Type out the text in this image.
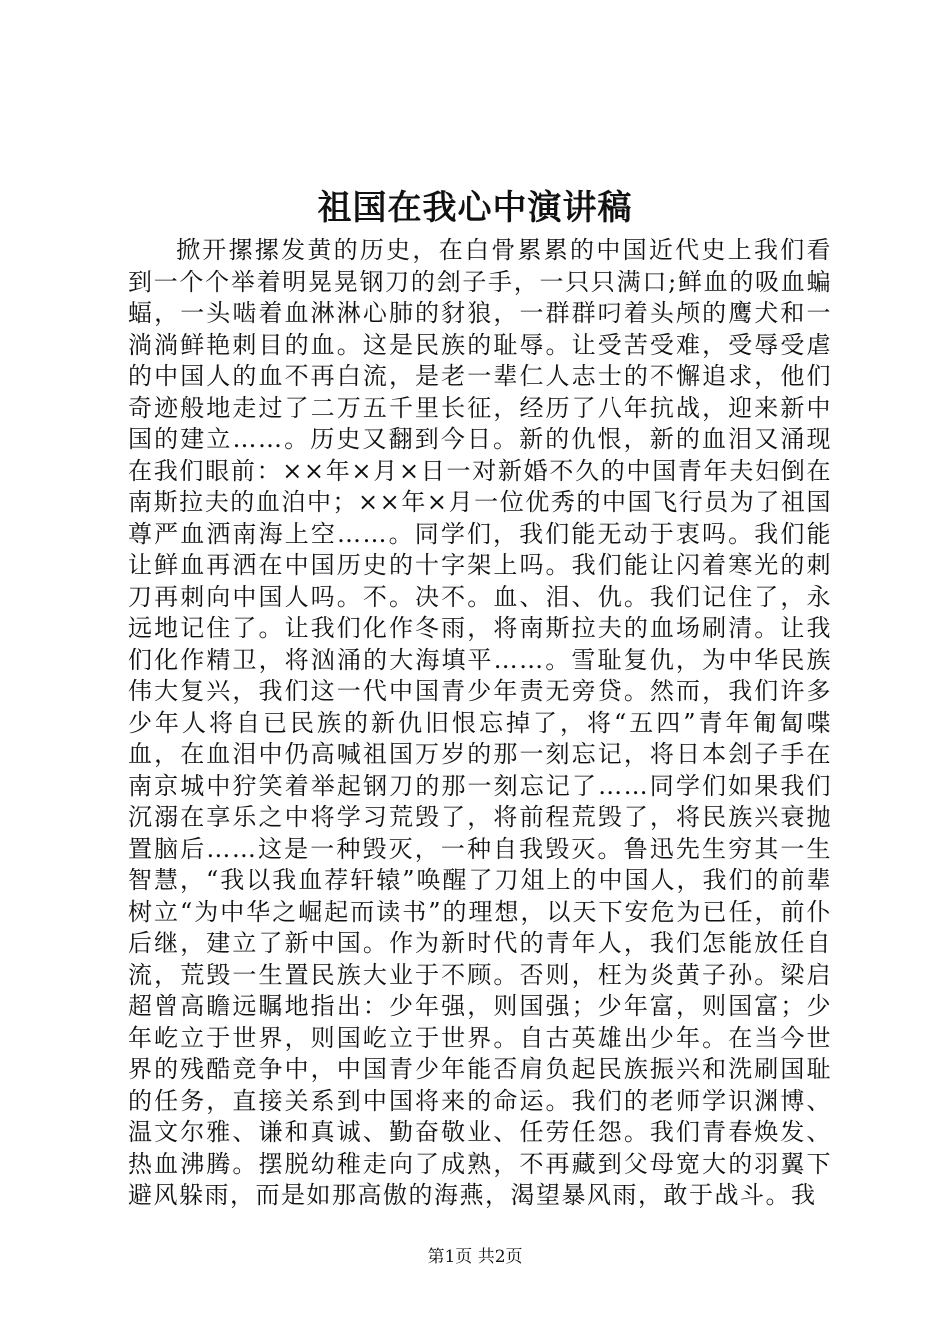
祖国在我心中演讲稿

掀开摞摞发黄的历史，在白骨累累的中国近代史上我们看到一个个举着明晃晃钢刀的刽子手，一只只满口;鲜血的吸血蝙蝠，一头啮着血淋淋心肺的豺狼，一群群叼着头颅的鹰犬和一淌淌鲜艳刺目的血。这是民族的耻辱。让受苦受难，受辱受虐的中国人的血不再白流，是老一辈仁人志士的不懈追求，他们奇迹般地走过了二万五千里长征，经历了八年抗战，迎来新中国的建立……。历史又翻到今日。新的仇恨，新的血泪又涌现在我们眼前：××年×月×日一对新婚不久的中国青年夫妇倒在南斯拉夫的血泊中；××年×月一位优秀的中国飞行员为了祖国尊严血洒南海上空……。同学们，我们能无动于衷吗。我们能让鲜血再洒在中国历史的十字架上吗。我们能让闪着寒光的刺刀再刺向中国人吗。不。决不。血、泪、仇。我们记住了，永远地记住了。让我们化作冬雨，将南斯拉夫的血场刷清。让我们化作精卫，将汹涌的大海填平……。雪耻复仇，为中华民族伟大复兴，我们这一代中国青少年责无旁贷。然而，我们许多少年人将自已民族的新仇旧恨忘掉了，将“五四”青年匍匐喋血，在血泪中仍高喊祖国万岁的那一刻忘记，将日本刽子手在南京城中狞笑着举起钢刀的那一刻忘记了……同学们如果我们沉溺在享乐之中将学习荒毁了，将前程荒毁了，将民族兴衰抛置脑后……这是一种毁灭，一种自我毁灭。鲁迅先生穷其一生智慧，“我以我血荐轩辕”唤醒了刀俎上的中国人，我们的前辈树立“为中华之崛起而读书”的理想，以天下安危为已任，前仆后继，建立了新中国。作为新时代的青年人，我们怎能放任自流，荒毁一生置民族大业于不顾。否则，枉为炎黄子孙。梁启超曾高瞻远瞩地指出：少年强，则国强；少年富，则国富；少年屹立于世界，则国屹立于世界。自古英雄出少年。在当今世界的残酷竞争中，中国青少年能否肩负起民族振兴和洗刷国耻的任务，直接关系到中国将来的命运。我们的老师学识渊博、温文尔雅、谦和真诚、勤奋敬业、任劳任怨。我们青春焕发、热血沸腾。摆脱幼稚走向了成熟，不再藏到父母宽大的羽翼下避风躲雨，而是如那高傲的海燕，渴望暴风雨，敢于战斗。我

第1页 共2页
